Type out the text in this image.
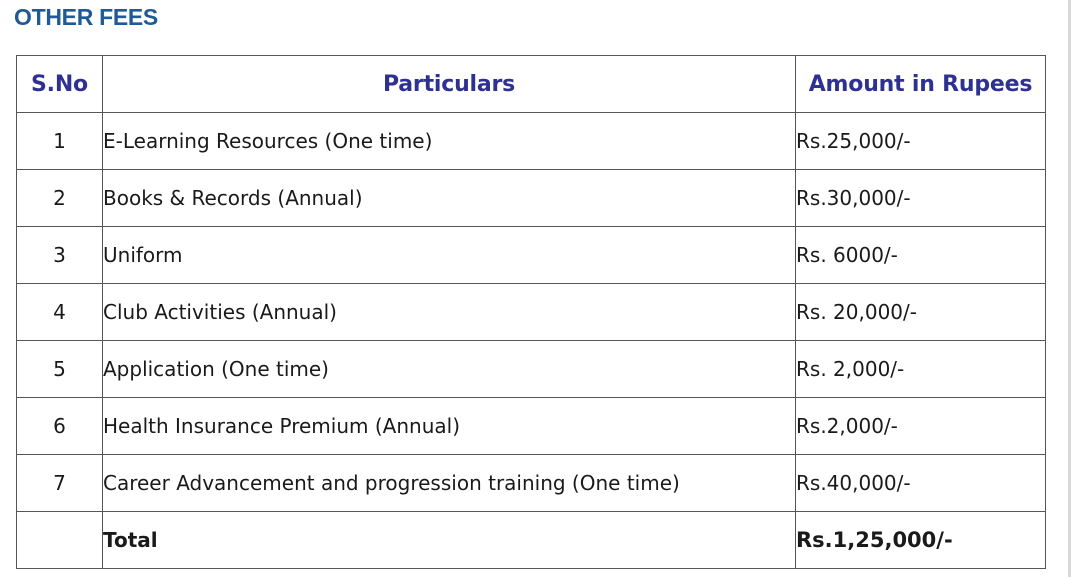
OTHER FEES
S.No	Particulars	Amount in Rupees
1	E-Learning Resources (One time)	Rs.25,000/-
2	Books & Records (Annual)	Rs.30,000/-
3	Uniform	Rs. 6000/-
4	Club Activities (Annual)	Rs. 20,000/-
5	Application (One time)	Rs. 2,000/-
6	Health Insurance Premium (Annual)	Rs.2,000/-
7	Career Advancement and progression training (One time)	Rs.40,000/-
	Total	Rs.1,25,000/-
